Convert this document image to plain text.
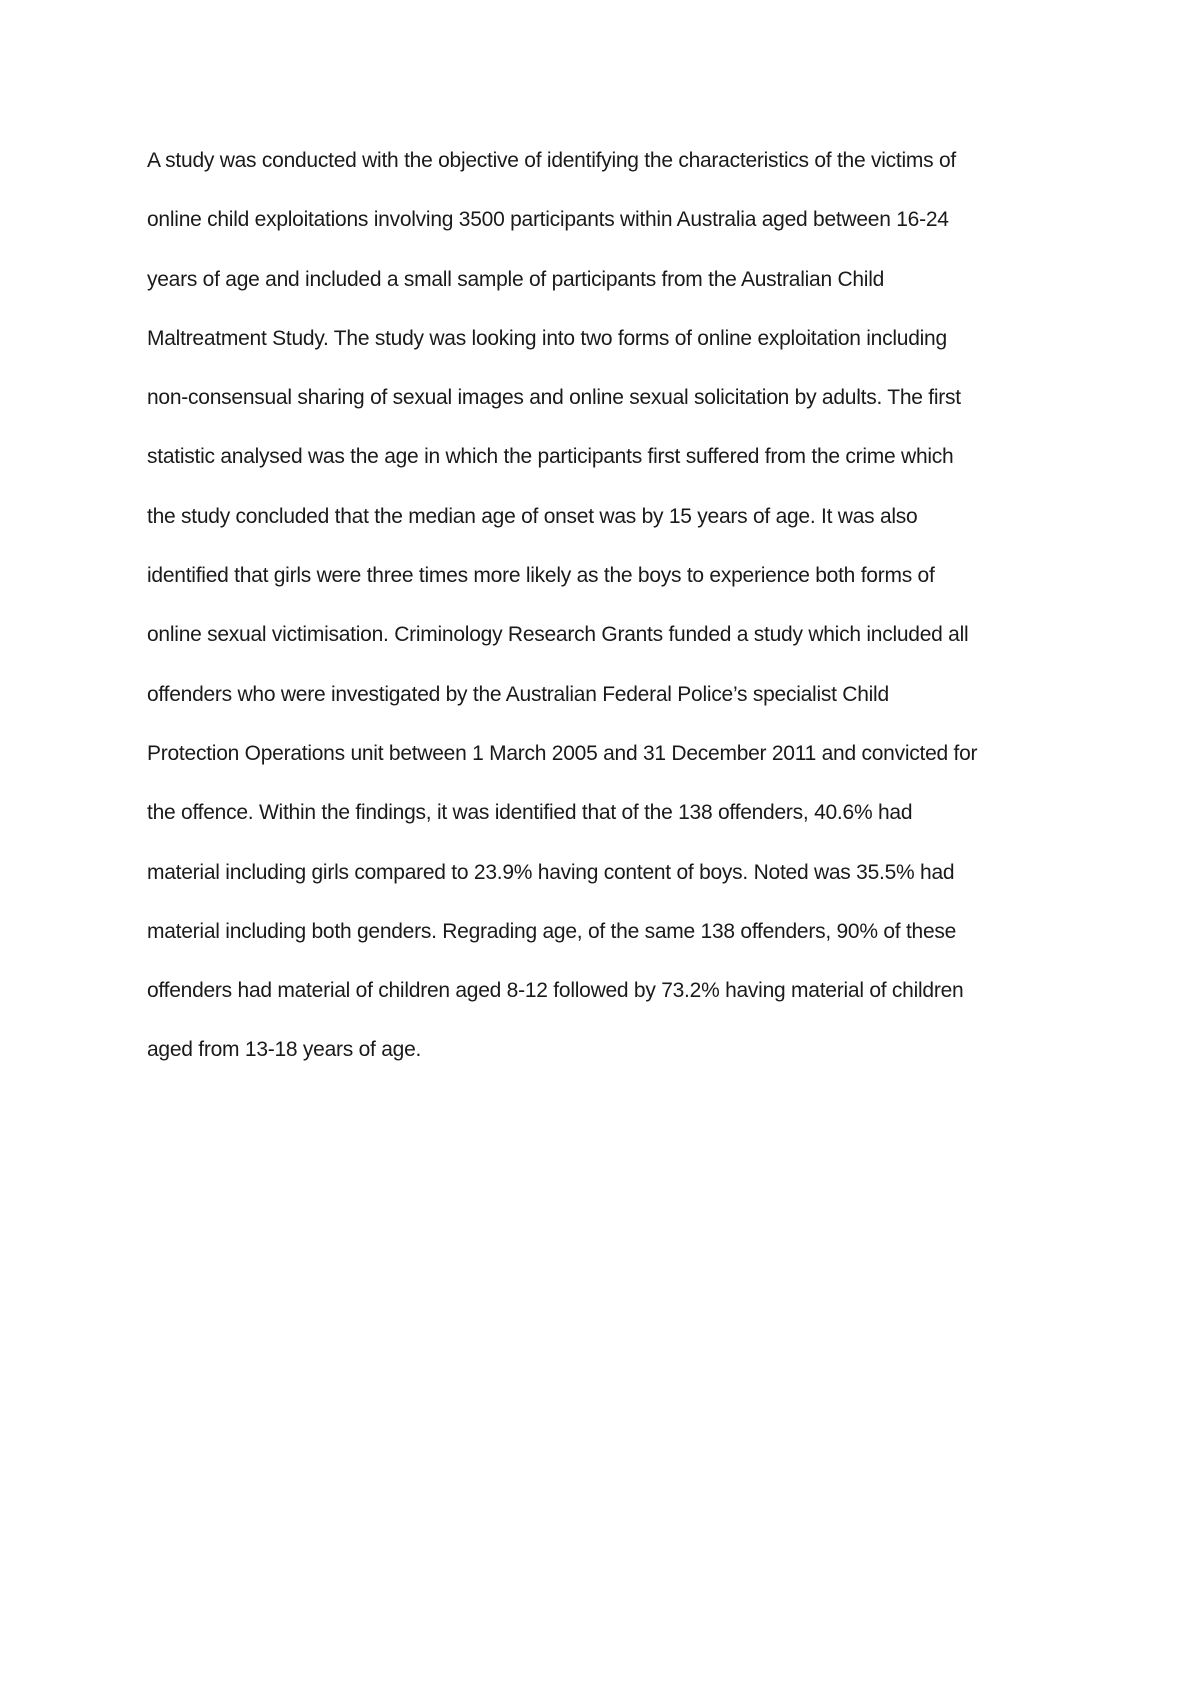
A study was conducted with the objective of identifying the characteristics of the victims of
online child exploitations involving 3500 participants within Australia aged between 16-24
years of age and included a small sample of participants from the Australian Child
Maltreatment Study. The study was looking into two forms of online exploitation including
non-consensual sharing of sexual images and online sexual solicitation by adults. The first
statistic analysed was the age in which the participants first suffered from the crime which
the study concluded that the median age of onset was by 15 years of age. It was also
identified that girls were three times more likely as the boys to experience both forms of
online sexual victimisation. Criminology Research Grants funded a study which included all
offenders who were investigated by the Australian Federal Police’s specialist Child
Protection Operations unit between 1 March 2005 and 31 December 2011 and convicted for
the offence. Within the findings, it was identified that of the 138 offenders, 40.6% had
material including girls compared to 23.9% having content of boys. Noted was 35.5% had
material including both genders. Regrading age, of the same 138 offenders, 90% of these
offenders had material of children aged 8-12 followed by 73.2% having material of children
aged from 13-18 years of age.
